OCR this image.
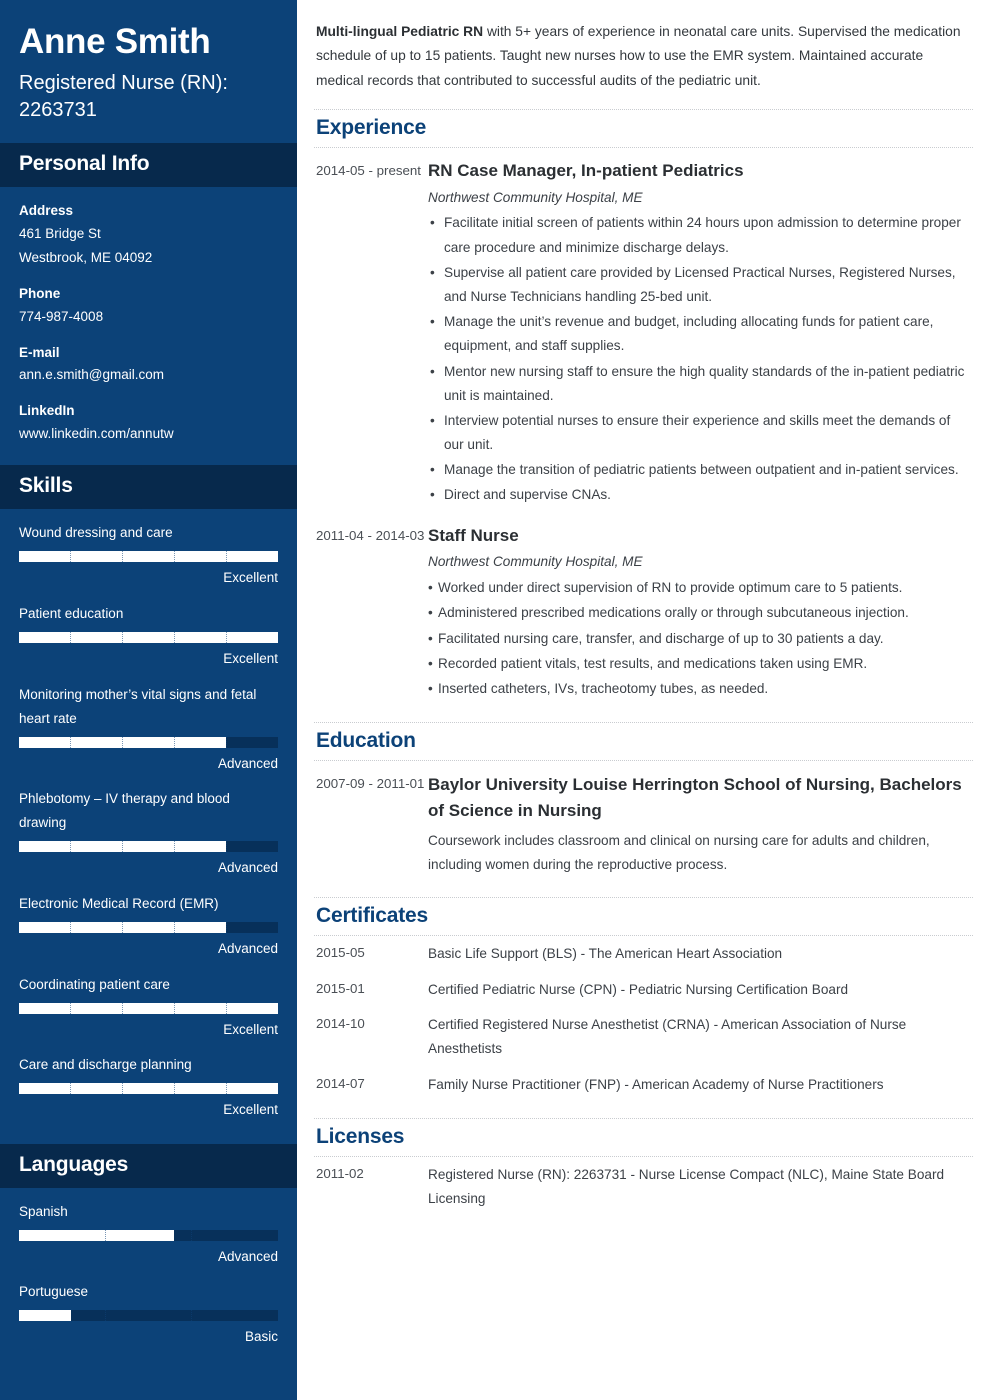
Anne Smith
Registered Nurse (RN): 2263731
Personal Info
Address
461 Bridge St
Westbrook, ME 04092
Phone
774-987-4008
E-mail
ann.e.smith@gmail.com
LinkedIn
www.linkedin.com/annutw
Skills
Wound dressing and care
Excellent
Patient education
Excellent
Monitoring mother’s vital signs and fetal heart rate
Advanced
Phlebotomy – IV therapy and blood drawing
Advanced
Electronic Medical Record (EMR)
Advanced
Coordinating patient care
Excellent
Care and discharge planning
Excellent
Languages
Spanish
Advanced
Portuguese
Basic

Multi-lingual Pediatric RN with 5+ years of experience in neonatal care units. Supervised the medication schedule of up to 15 patients. Taught new nurses how to use the EMR system. Maintained accurate medical records that contributed to successful audits of the pediatric unit.

Experience
2014-05 - present RN Case Manager, In-patient Pediatrics
Northwest Community Hospital, ME
• Facilitate initial screen of patients within 24 hours upon admission to determine proper care procedure and minimize discharge delays.
• Supervise all patient care provided by Licensed Practical Nurses, Registered Nurses, and Nurse Technicians handling 25-bed unit.
• Manage the unit’s revenue and budget, including allocating funds for patient care, equipment, and staff supplies.
• Mentor new nursing staff to ensure the high quality standards of the in-patient pediatric unit is maintained.
• Interview potential nurses to ensure their experience and skills meet the demands of our unit.
• Manage the transition of pediatric patients between outpatient and in-patient services.
• Direct and supervise CNAs.
2011-04 - 2014-03 Staff Nurse
Northwest Community Hospital, ME
• Worked under direct supervision of RN to provide optimum care to 5 patients.
• Administered prescribed medications orally or through subcutaneous injection.
• Facilitated nursing care, transfer, and discharge of up to 30 patients a day.
• Recorded patient vitals, test results, and medications taken using EMR.
• Inserted catheters, IVs, tracheotomy tubes, as needed.
Education
2007-09 - 2011-01 Baylor University Louise Herrington School of Nursing, Bachelors of Science in Nursing
Coursework includes classroom and clinical on nursing care for adults and children, including women during the reproductive process.
Certificates
2015-05	Basic Life Support (BLS) - The American Heart Association
2015-01	Certified Pediatric Nurse (CPN) - Pediatric Nursing Certification Board
2014-10	Certified Registered Nurse Anesthetist (CRNA) - American Association of Nurse Anesthetists
2014-07	Family Nurse Practitioner (FNP) - American Academy of Nurse Practitioners
Licenses
2011-02	Registered Nurse (RN): 2263731 - Nurse License Compact (NLC), Maine State Board Licensing
